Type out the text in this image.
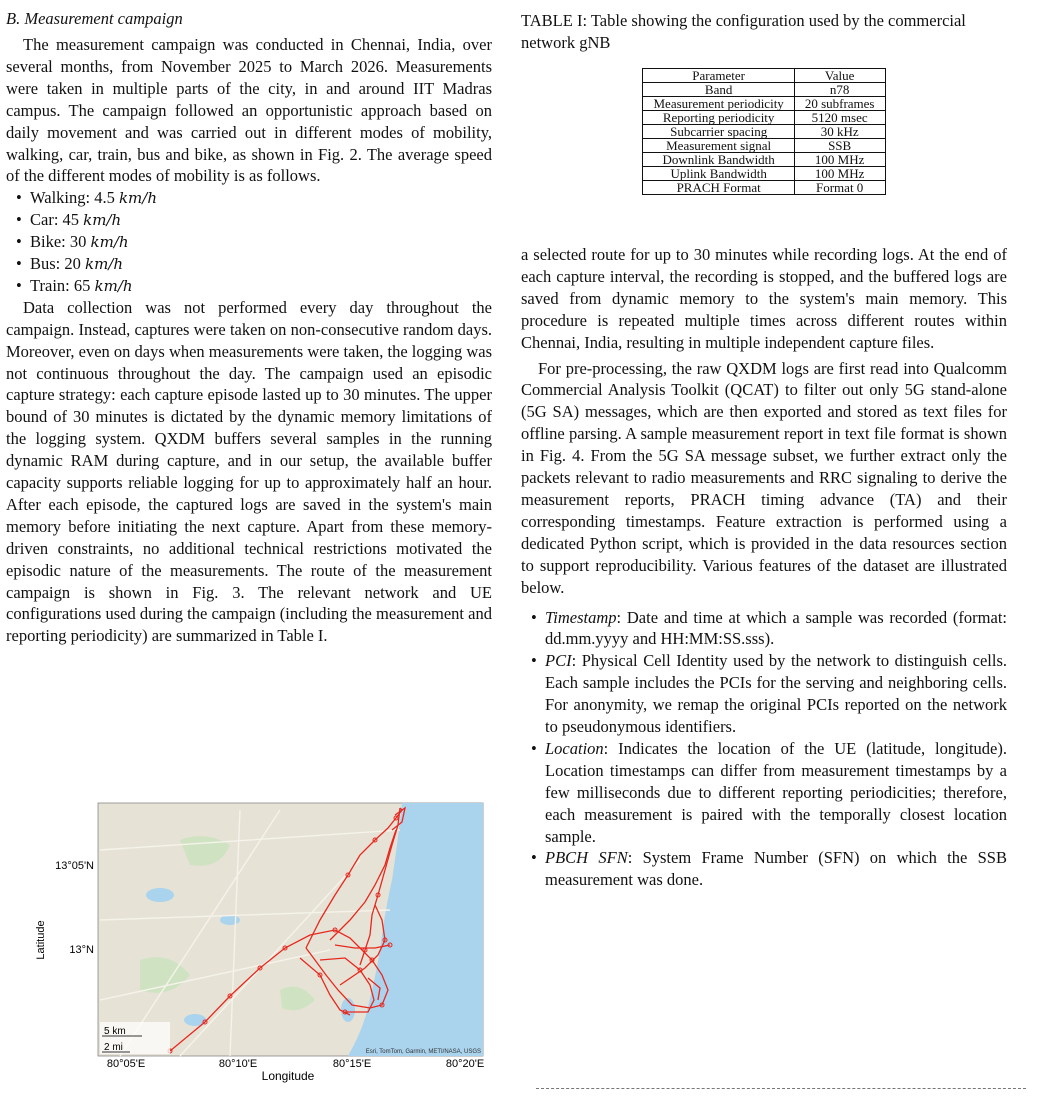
B. Measurement campaign

The measurement campaign was conducted in Chennai, India, over several months, from November 2025 to March 2026. Measurements were taken in multiple parts of the city, in and around IIT Madras campus. The campaign followed an opportunistic approach based on daily movement and was carried out in different modes of mobility, walking, car, train, bus and bike, as shown in Fig. 2. The average speed of the different modes of mobility is as follows.

• Walking: 4.5 km/h
• Car: 45 km/h
• Bike: 30 km/h
• Bus: 20 km/h
• Train: 65 km/h

Data collection was not performed every day throughout the campaign. Instead, captures were taken on non-consecutive random days. Moreover, even on days when measurements were taken, the logging was not continuous throughout the day. The campaign used an episodic capture strategy: each capture episode lasted up to 30 minutes. The upper bound of 30 minutes is dictated by the dynamic memory limitations of the logging system. QXDM buffers several samples in the running dynamic RAM during capture, and in our setup, the available buffer capacity supports reliable logging for up to approximately half an hour. After each episode, the captured logs are saved in the system's main memory before initiating the next capture. Apart from these memory-driven constraints, no additional technical restrictions motivated the episodic nature of the measurements. The route of the measurement campaign is shown in Fig. 3. The relevant network and UE configurations used during the campaign (including the measurement and reporting periodicity) are summarized in Table I.

Latitude
Longitude
13°05'N
13°N
80°05'E	80°10'E	80°15'E	80°20'E
5 km
2 mi	Esri, TomTom, Garmin, METI/NASA, USGS
TABLE I: Table showing the configuration used by the commercial network gNB
Parameter	Value
Band	n78
Measurement periodicity	20 subframes
Reporting periodicity	5120 msec
Subcarrier spacing	30 kHz
Measurement signal	SSB
Downlink Bandwidth	100 MHz
Uplink Bandwidth	100 MHz
PRACH Format	Format 0

a selected route for up to 30 minutes while recording logs. At the end of each capture interval, the recording is stopped, and the buffered logs are saved from dynamic memory to the system's main memory. This procedure is repeated multiple times across different routes within Chennai, India, resulting in multiple independent capture files.

For pre-processing, the raw QXDM logs are first read into Qualcomm Commercial Analysis Toolkit (QCAT) to filter out only 5G stand-alone (5G SA) messages, which are then exported and stored as text files for offline parsing. A sample measurement report in text file format is shown in Fig. 4. From the 5G SA message subset, we further extract only the packets relevant to radio measurements and RRC signaling to derive the measurement reports, PRACH timing advance (TA) and their corresponding timestamps. Feature extraction is performed using a dedicated Python script, which is provided in the data resources section to support reproducibility. Various features of the dataset are illustrated below.

• Timestamp: Date and time at which a sample was recorded (format: dd.mm.yyyy and HH:MM:SS.sss).
• PCI: Physical Cell Identity used by the network to distinguish cells. Each sample includes the PCIs for the serving and neighboring cells. For anonymity, we remap the original PCIs reported on the network to pseudonymous identifiers.
• Location: Indicates the location of the UE (latitude, longitude). Location timestamps can differ from measurement timestamps by a few milliseconds due to different reporting periodicities; therefore, each measurement is paired with the temporally closest location sample.
• PBCH SFN: System Frame Number (SFN) on which the SSB measurement was done.
